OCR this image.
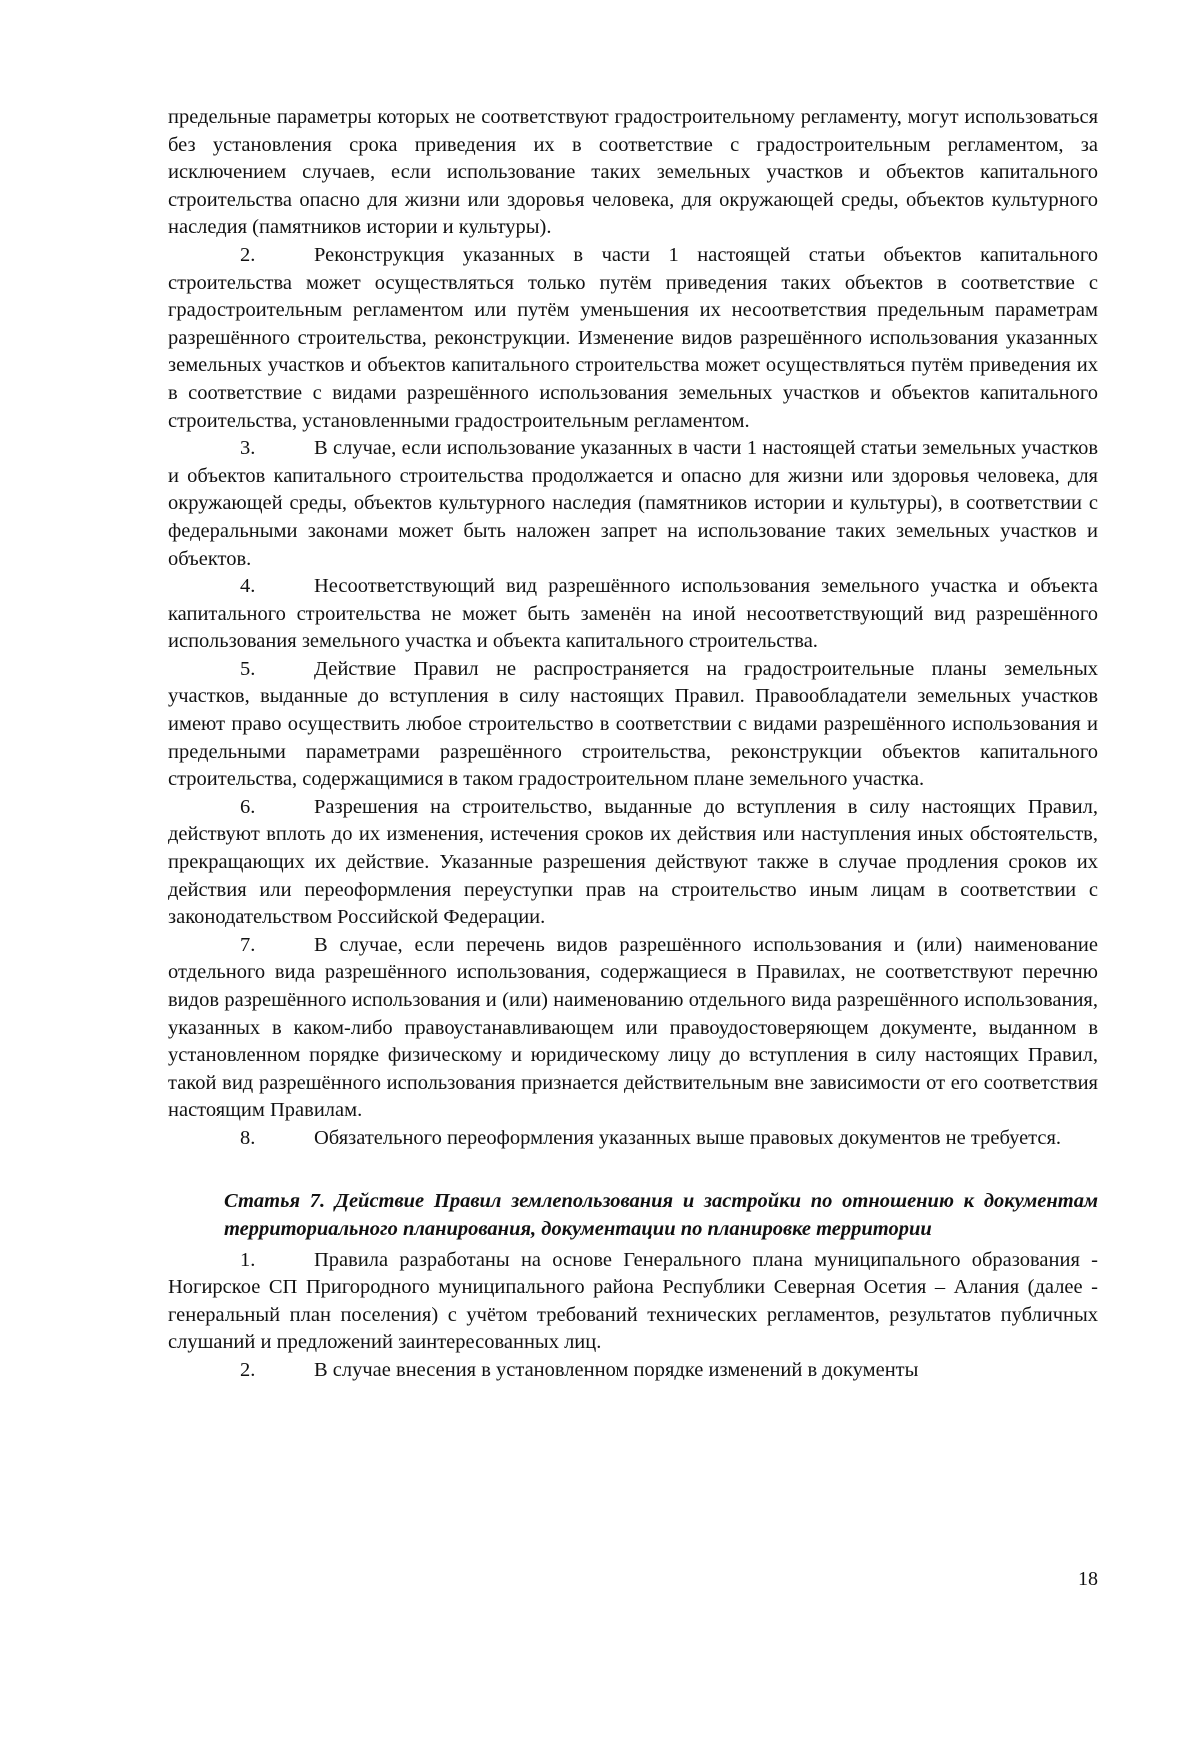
предельные параметры которых не соответствуют градостроительному регламенту, могут использоваться без установления срока приведения их в соответствие с градостроительным регламентом, за исключением случаев, если использование таких земельных участков и объектов капитального строительства опасно для жизни или здоровья человека, для окружающей среды, объектов культурного наследия (памятников истории и культуры).

2.	Реконструкция указанных в части 1 настоящей статьи объектов капитального строительства может осуществляться только путём приведения таких объектов в соответствие с градостроительным регламентом или путём уменьшения их несоответствия предельным параметрам разрешённого строительства, реконструкции. Изменение видов разрешённого использования указанных земельных участков и объектов капитального строительства может осуществляться путём приведения их в соответствие с видами разрешённого использования земельных участков и объектов капитального строительства, установленными градостроительным регламентом.

3.	В случае, если использование указанных в части 1 настоящей статьи земельных участков и объектов капитального строительства продолжается и опасно для жизни или здоровья человека, для окружающей среды, объектов культурного наследия (памятников истории и культуры), в соответствии с федеральными законами может быть наложен запрет на использование таких земельных участков и объектов.

4.	Несоответствующий вид разрешённого использования земельного участка и объекта капитального строительства не может быть заменён на иной несоответствующий вид разрешённого использования земельного участка и объекта капитального строительства.

5.	Действие Правил не распространяется на градостроительные планы земельных участков, выданные до вступления в силу настоящих Правил. Правообладатели земельных участков имеют право осуществить любое строительство в соответствии с видами разрешённого использования и предельными параметрами разрешённого строительства, реконструкции объектов капитального строительства, содержащимися в таком градостроительном плане земельного участка.

6.	Разрешения на строительство, выданные до вступления в силу настоящих Правил, действуют вплоть до их изменения, истечения сроков их действия или наступления иных обстоятельств, прекращающих их действие. Указанные разрешения действуют также в случае продления сроков их действия или переоформления переуступки прав на строительство иным лицам в соответствии с законодательством Российской Федерации.

7.	В случае, если перечень видов разрешённого использования и (или) наименование отдельного вида разрешённого использования, содержащиеся в Правилах, не соответствуют перечню видов разрешённого использования и (или) наименованию отдельного вида разрешённого использования, указанных в каком-либо правоустанавливающем или правоудостоверяющем документе, выданном в установленном порядке физическому и юридическому лицу до вступления в силу настоящих Правил, такой вид разрешённого использования признается действительным вне зависимости от его соответствия настоящим Правилам.

8.	Обязательного переоформления указанных выше правовых документов не требуется.

Статья 7. Действие Правил землепользования и застройки по отношению к документам территориального планирования, документации по планировке территории

1.	Правила разработаны на основе Генерального плана муниципального образования - Ногирское СП Пригородного муниципального района Республики Северная Осетия – Алания (далее - генеральный план поселения) с учётом требований технических регламентов, результатов публичных слушаний и предложений заинтересованных лиц.

2.	В случае внесения в установленном порядке изменений в документы

18
